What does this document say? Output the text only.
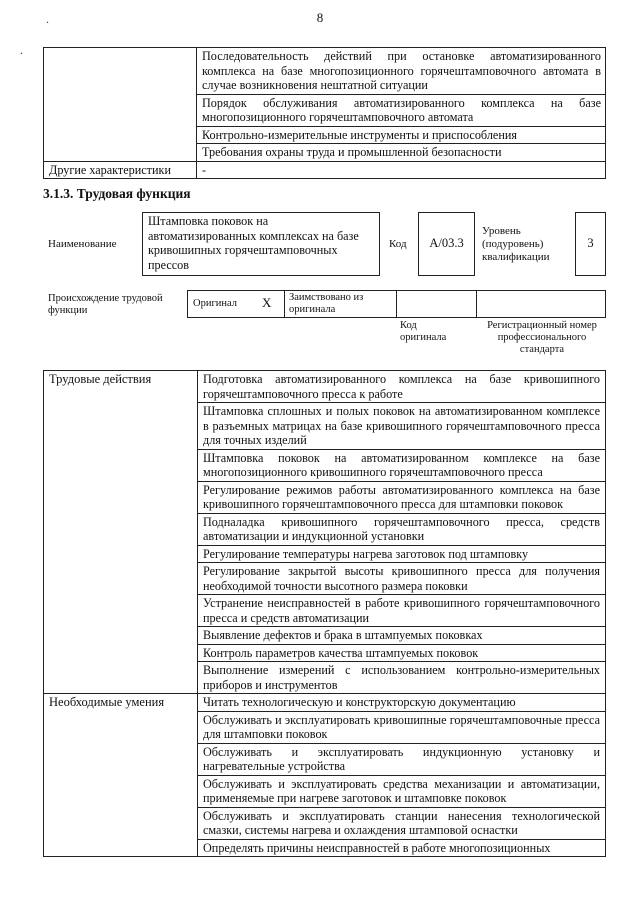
8
.
.
		Последовательность действий при остановке автоматизированного комплекса на базе многопозиционного горячештамповочного автомата в случае возникновения нештатной ситуации
	Порядок обслуживания автоматизированного комплекса на базе многопозиционного горячештамповочного автомата
	Контрольно-измерительные инструменты и приспособления
	Требования охраны труда и промышленной безопасности
Другие характеристики	-
3.1.3. Трудовая функция
Наименование
Штамповка поковок на автоматизированных комплексах на базе кривошипных горячештамповочных прессов
Код	A/03.3
Уровень (подуровень) квалификации
3
Происхождение трудовой функции
Оригинал X	Заимствовано из оригинала
Код оригинала
Регистрационный номер профессионального стандарта
Трудовые действия	Подготовка автоматизированного комплекса на базе кривошипного горячештамповочного пресса к работе
	Штамповка сплошных и полых поковок на автоматизированном комплексе в разъемных матрицах на базе кривошипного горячештамповочного пресса для точных изделий
	Штамповка поковок на автоматизированном комплексе на базе многопозиционного кривошипного горячештамповочного пресса
	Регулирование режимов работы автоматизированного комплекса на базе кривошипного горячештамповочного пресса для штамповки поковок
	Подналадка кривошипного горячештамповочного пресса, средств автоматизации и индукционной установки
	Регулирование температуры нагрева заготовок под штамповку
	Регулирование закрытой высоты кривошипного пресса для получения необходимой точности высотного размера поковки
	Устранение неисправностей в работе кривошипного горячештамповочного пресса и средств автоматизации
	Выявление дефектов и брака в штампуемых поковках
	Контроль параметров качества штампуемых поковок
	Выполнение измерений с использованием контрольно-измерительных приборов и инструментов
Необходимые умения	Читать технологическую и конструкторскую документацию
	Обслуживать и эксплуатировать кривошипные горячештамповочные пресса для штамповки поковок
	Обслуживать и эксплуатировать индукционную установку и нагревательные устройства
	Обслуживать и эксплуатировать средства механизации и автоматизации, применяемые при нагреве заготовок и штамповке поковок
	Обслуживать и эксплуатировать станции нанесения технологической смазки, системы нагрева и охлаждения штамповой оснастки
	Определять причины неисправностей в работе многопозиционных
